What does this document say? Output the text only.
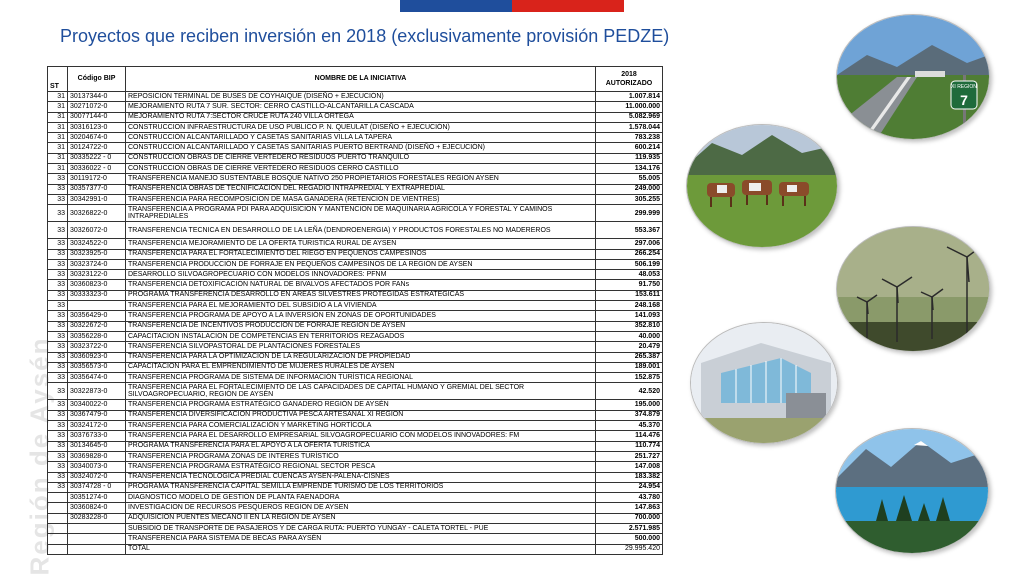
Proyectos que reciben inversión en 2018 (exclusivamente provisión PEDZE)
Región de Aysén
ST	Código BIP	NOMBRE DE LA INICIATIVA	2018
AUTORIZADO
31	30137344-0	REPOSICION TERMINAL DE BUSES DE COYHAIQUE (DISEÑO + EJECUCIÓN)	1.007.814
31	30271072-0	MEJORAMIENTO RUTA 7 SUR. SECTOR: CERRO CASTILLO-ALCANTARILLA CASCADA	11.000.000
31	30077144-0	MEJORAMIENTO RUTA 7:SECTOR CRUCE RUTA 240 VILLA ORTEGA	5.082.969
31	30316123-0	CONSTRUCCION INFRAESTRUCTURA DE USO PUBLICO P. N. QUEULAT (DISEÑO + EJECUCIÓN)	1.578.044
31	30204674-0	CONSTRUCCIÓN ALCANTARILLADO Y CASETAS SANITARIAS VILLA LA TAPERA	783.238
31	30124722-0	CONSTRUCCION ALCANTARILLADO Y CASETAS SANITARIAS PUERTO BERTRAND (DISEÑO + EJECUCIÓN)	600.214
31	30335222 - 0	CONSTRUCCION OBRAS DE CIERRE VERTEDERO RESIDUOS PUERTO TRANQUILO	119.935
31	30336022 - 0	CONSTRUCCION OBRAS DE CIERRE VERTEDERO RESIDUOS CERRO CASTILLO	134.176
33	30119172-0	TRANSFERENCIA MANEJO SUSTENTABLE BOSQUE NATIVO 250 PROPIETARIOS FORESTALES REGION AYSEN	55.005
33	30357377-0	TRANSFERENCIA OBRAS DE TECNIFICACIÓN DEL REGADÍO INTRAPREDIAL Y EXTRAPREDIAL	249.000
33	30342991-0	TRANSFERENCIA PARA RECOMPOSICION DE MASA GANADERA (RETENCION DE VIENTRES)	305.255
33	30326822-0	TRANSFERENCIA A PROGRAMA PDI PARA ADQUISICION Y MANTENCION DE MAQUINARIA AGRICOLA Y FORESTAL Y CAMINOS INTRAPREDIALES	299.999
33	30326072-0	TRANSFERENCIA TECNICA EN DESARROLLO DE LA LEÑA (DENDROENERGIA) Y PRODUCTOS FORESTALES NO MADEREROS	553.367
33	30324522-0	TRANSFERENCIA MEJORAMIENTO DE LA OFERTA TURISTICA RURAL DE AYSEN	297.006
33	30323925-0	TRANSFERENCIA PARA EL FORTALECIMIENTO DEL RIEGO EN PEQUEÑOS CAMPESINOS	266.254
33	30323724-0	TRANSFERENCIA PRODUCCIÓN DE FORRAJE EN PEQUEÑOS CAMPESINOS DE LA REGIÓN DE AYSEN	506.199
33	30323122-0	DESARROLLO SILVOAGROPECUARIO CON MODELOS INNOVADORES: PFNM	48.053
33	30360823-0	TRANSFERENCIA DETOXIFICACIÓN NATURAL DE BIVALVOS AFECTADOS POR FANs	91.750
33	30333323-0	PROGRAMA TRANSFERENCIA DESARROLLO EN ÁREAS SILVESTRES PROTEGIDAS ESTRATÉGICAS	153.611
33		TRANSFERENCIA PARA EL MEJORAMIENTO DEL SUBSIDIO A LA VIVIENDA	248.168
33	30356429-0	TRANSFERENCIA PROGRAMA DE APOYO A LA INVERSIÓN EN ZONAS DE OPORTUNIDADES	141.093
33	30322672-0	TRANSFERENCIA DE INCENTIVOS PRODUCCION DE FORRAJE REGION DE AYSEN	352.810
33	30356228-0	CAPACITACION INSTALACION DE COMPETENCIAS EN TERRITORIOS REZAGADOS	40.000
33	30323722-0	TRANSFERENCIA SILVOPASTORAL DE PLANTACIONES FORESTALES	20.479
33	30360923-0	TRANSFERENCIA PARA LA OPTIMIZACIÓN DE LA REGULARIZACION DE PROPIEDAD	265.387
33	30356573-0	CAPACITACION PARA EL EMPRENDIMIENTO DE MUJERES RURALES DE AYSEN	189.001
33	30356474-0	TRANSFERENCIA PROGRAMA DE SISTEMA DE INFORMACIÓN TURÍSTICA REGIONAL	152.875
33	30322873-0	TRANSFERENCIA PARA EL FORTALECIMIENTO DE LAS CAPACIDADES DE CAPITAL HUMANO Y GREMIAL DEL SECTOR SILVOAGROPECUARIO, REGIÓN DE AYSÉN	42.520
33	30340022-0	TRANSFERENCIA PROGRAMA ESTRATÉGICO GANADERO REGIÓN DE AYSÉN	195.000
33	30367479-0	TRANSFERENCIA DIVERSIFICACION PRODUCTIVA PESCA ARTESANAL XI REGION	374.879
33	30324172-0	TRANSFERENCIA PARA COMERCIALIZACIÓN Y MARKETING HORTÍCOLA	45.370
33	30376733-0	TRANSFERENCIA PARA EL DESARROLLO EMPRESARIAL SILVOAGROPECUARIO CON MODELOS INNOVADORES: FM	114.476
33	30134645-0	PROGRAMA TRANSFERENCIA PARA EL APOYO A LA OFERTA TURISTICA	110.774
33	30369828-0	TRANSFERENCIA PROGRAMA ZONAS DE INTERES TURÍSTICO	251.727
33	30340073-0	TRANSFERENCIA PROGRAMA ESTRATÉGICO REGIONAL SECTOR PESCA	147.008
33	30324072-0	TRANSFERENCIA TECNOLÓGICA PREDIAL CUENCAS AYSEN-PALENA-CISNES	183.382
33	30374728 - 0	PROGRAMA TRANSFERENCIA CAPITAL SEMILLA EMPRENDE TURISMO DE LOS TERRITORIOS	24.954
	30351274-0	DIAGNOSTICO MODELO DE GESTIÓN DE PLANTA FAENADORA	43.780
	30360824-0	INVESTIGACION DE RECURSOS PESQUEROS REGION DE AYSEN	147.863
	30283228-0	ADQUISICION PUENTES MECANO II EN LA REGIÓN DE AYSÉN	700.000
		SUBSIDIO DE TRANSPORTE DE PASAJEROS Y DE CARGA RUTA: PUERTO YUNGAY - CALETA TORTEL - PUE	2.571.985
		TRANSFERENCIA PARA SISTEMA DE BECAS PARA AYSÉN	500.000
		TOTAL	29.995.420
XI REGION
7
